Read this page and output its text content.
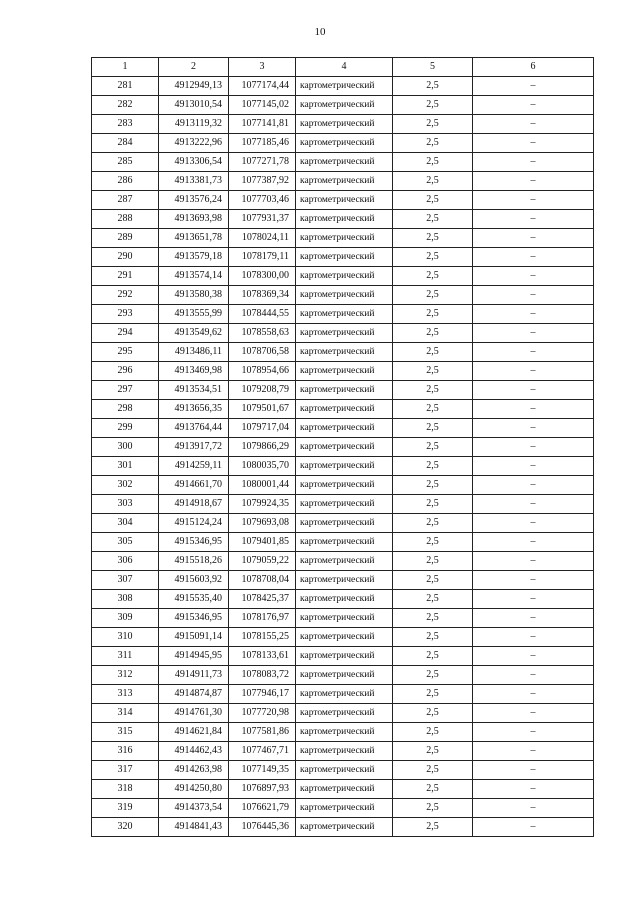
10
1	2	3	4	5	6
281	4912949,13	1077174,44	картометрический	2,5	–
282	4913010,54	1077145,02	картометрический	2,5	–
283	4913119,32	1077141,81	картометрический	2,5	–
284	4913222,96	1077185,46	картометрический	2,5	–
285	4913306,54	1077271,78	картометрический	2,5	–
286	4913381,73	1077387,92	картометрический	2,5	–
287	4913576,24	1077703,46	картометрический	2,5	–
288	4913693,98	1077931,37	картометрический	2,5	–
289	4913651,78	1078024,11	картометрический	2,5	–
290	4913579,18	1078179,11	картометрический	2,5	–
291	4913574,14	1078300,00	картометрический	2,5	–
292	4913580,38	1078369,34	картометрический	2,5	–
293	4913555,99	1078444,55	картометрический	2,5	–
294	4913549,62	1078558,63	картометрический	2,5	–
295	4913486,11	1078706,58	картометрический	2,5	–
296	4913469,98	1078954,66	картометрический	2,5	–
297	4913534,51	1079208,79	картометрический	2,5	–
298	4913656,35	1079501,67	картометрический	2,5	–
299	4913764,44	1079717,04	картометрический	2,5	–
300	4913917,72	1079866,29	картометрический	2,5	–
301	4914259,11	1080035,70	картометрический	2,5	–
302	4914661,70	1080001,44	картометрический	2,5	–
303	4914918,67	1079924,35	картометрический	2,5	–
304	4915124,24	1079693,08	картометрический	2,5	–
305	4915346,95	1079401,85	картометрический	2,5	–
306	4915518,26	1079059,22	картометрический	2,5	–
307	4915603,92	1078708,04	картометрический	2,5	–
308	4915535,40	1078425,37	картометрический	2,5	–
309	4915346,95	1078176,97	картометрический	2,5	–
310	4915091,14	1078155,25	картометрический	2,5	–
311	4914945,95	1078133,61	картометрический	2,5	–
312	4914911,73	1078083,72	картометрический	2,5	–
313	4914874,87	1077946,17	картометрический	2,5	–
314	4914761,30	1077720,98	картометрический	2,5	–
315	4914621,84	1077581,86	картометрический	2,5	–
316	4914462,43	1077467,71	картометрический	2,5	–
317	4914263,98	1077149,35	картометрический	2,5	–
318	4914250,80	1076897,93	картометрический	2,5	–
319	4914373,54	1076621,79	картометрический	2,5	–
320	4914841,43	1076445,36	картометрический	2,5	–
